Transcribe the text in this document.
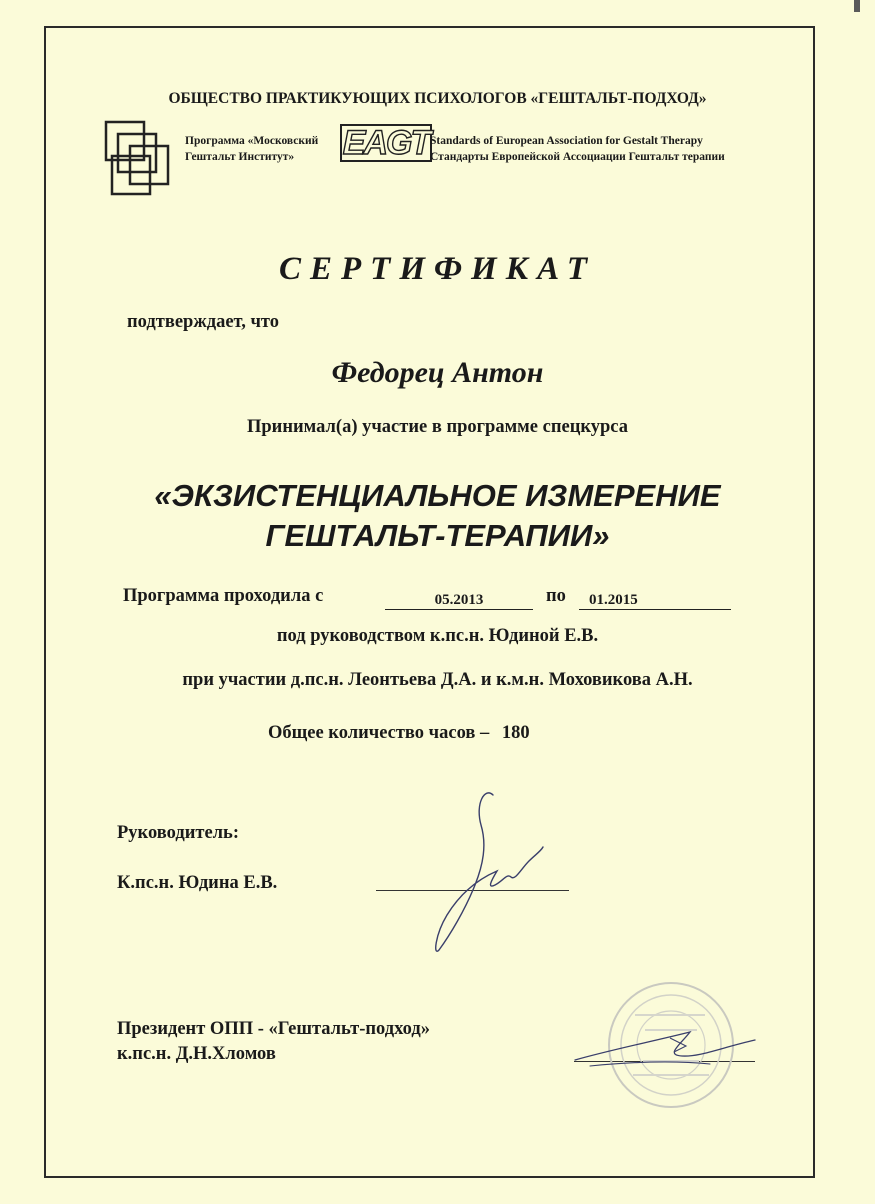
ОБЩЕСТВО ПРАКТИКУЮЩИХ ПСИХОЛОГОВ «ГЕШТАЛЬТ-ПОДХОД»
Программа «Московский
Гештальт Институт»	EAGT Standards of European Association for Gestalt Therapy
Стандарты Европейской Ассоциации Гештальт терапии
СЕРТИФИКАТ
подтверждает, что
Федорец Антон
Принимал(а) участие в программе спецкурса
«ЭКЗИСТЕНЦИАЛЬНОЕ ИЗМЕРЕНИЕ
ГЕШТАЛЬТ-ТЕРАПИИ»
Программа проходила с	05.2013	по	01.2015
под руководством к.пс.н. Юдиной Е.В.
при участии д.пс.н. Леонтьева Д.А. и к.м.н. Моховикова А.Н.
Общее количество часов – 180
Руководитель:
К.пс.н. Юдина Е.В.
Президент ОПП - «Гештальт-подход»
к.пс.н. Д.Н.Хломов
